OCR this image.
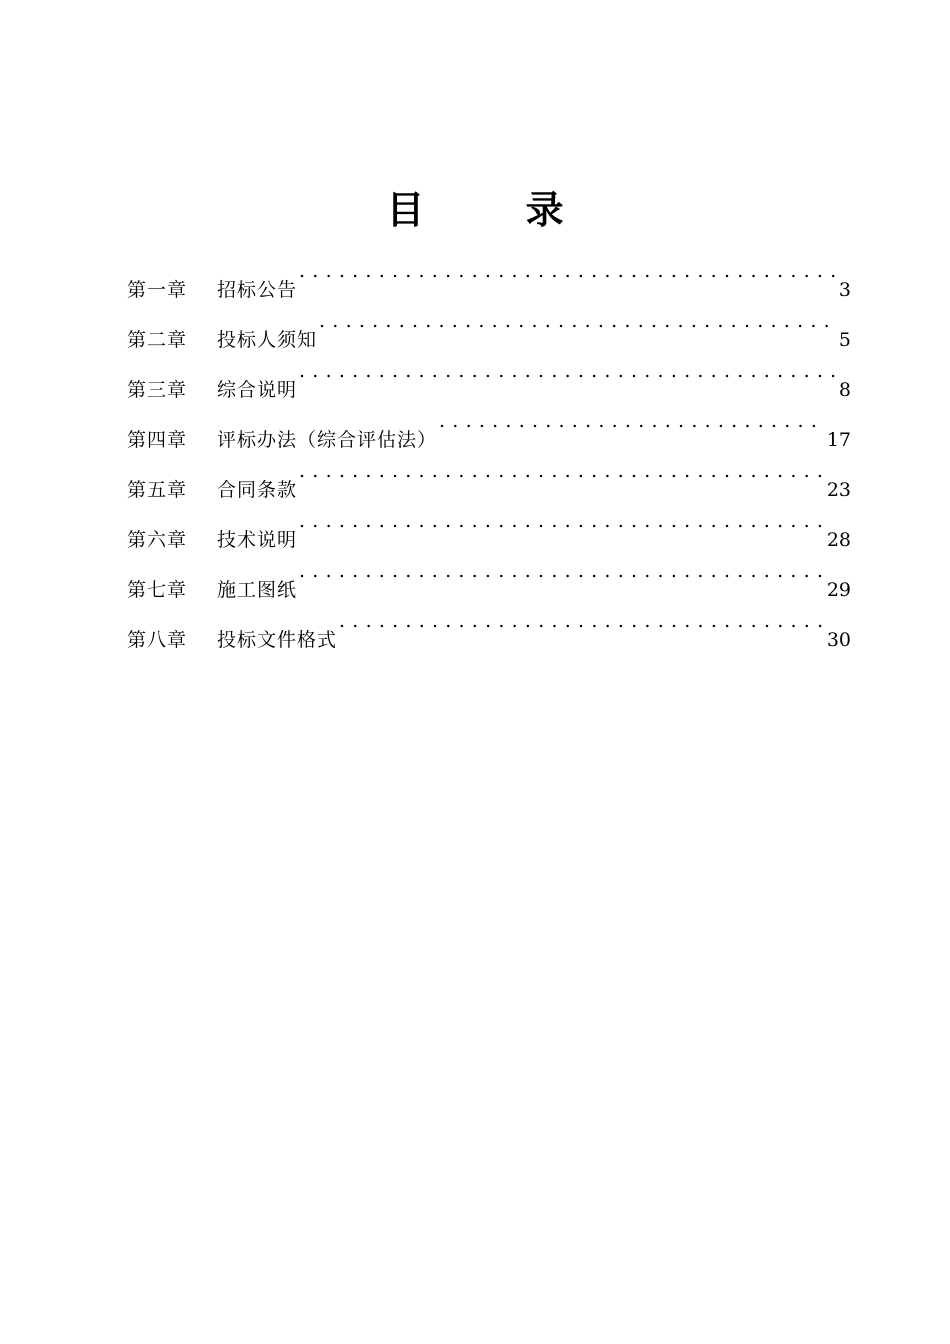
目 录
第一章	招标公告 . . .	3
第二章	投标人须知 . . .	5
第三章	综合说明 . . .	8
第四章	评标办法（综合评估法） . . .	17
第五章	合同条款 . . .	23
第六章	技术说明 . . .	28
第七章	施工图纸 . . .	29
第八章	投标文件格式 . . .	30
